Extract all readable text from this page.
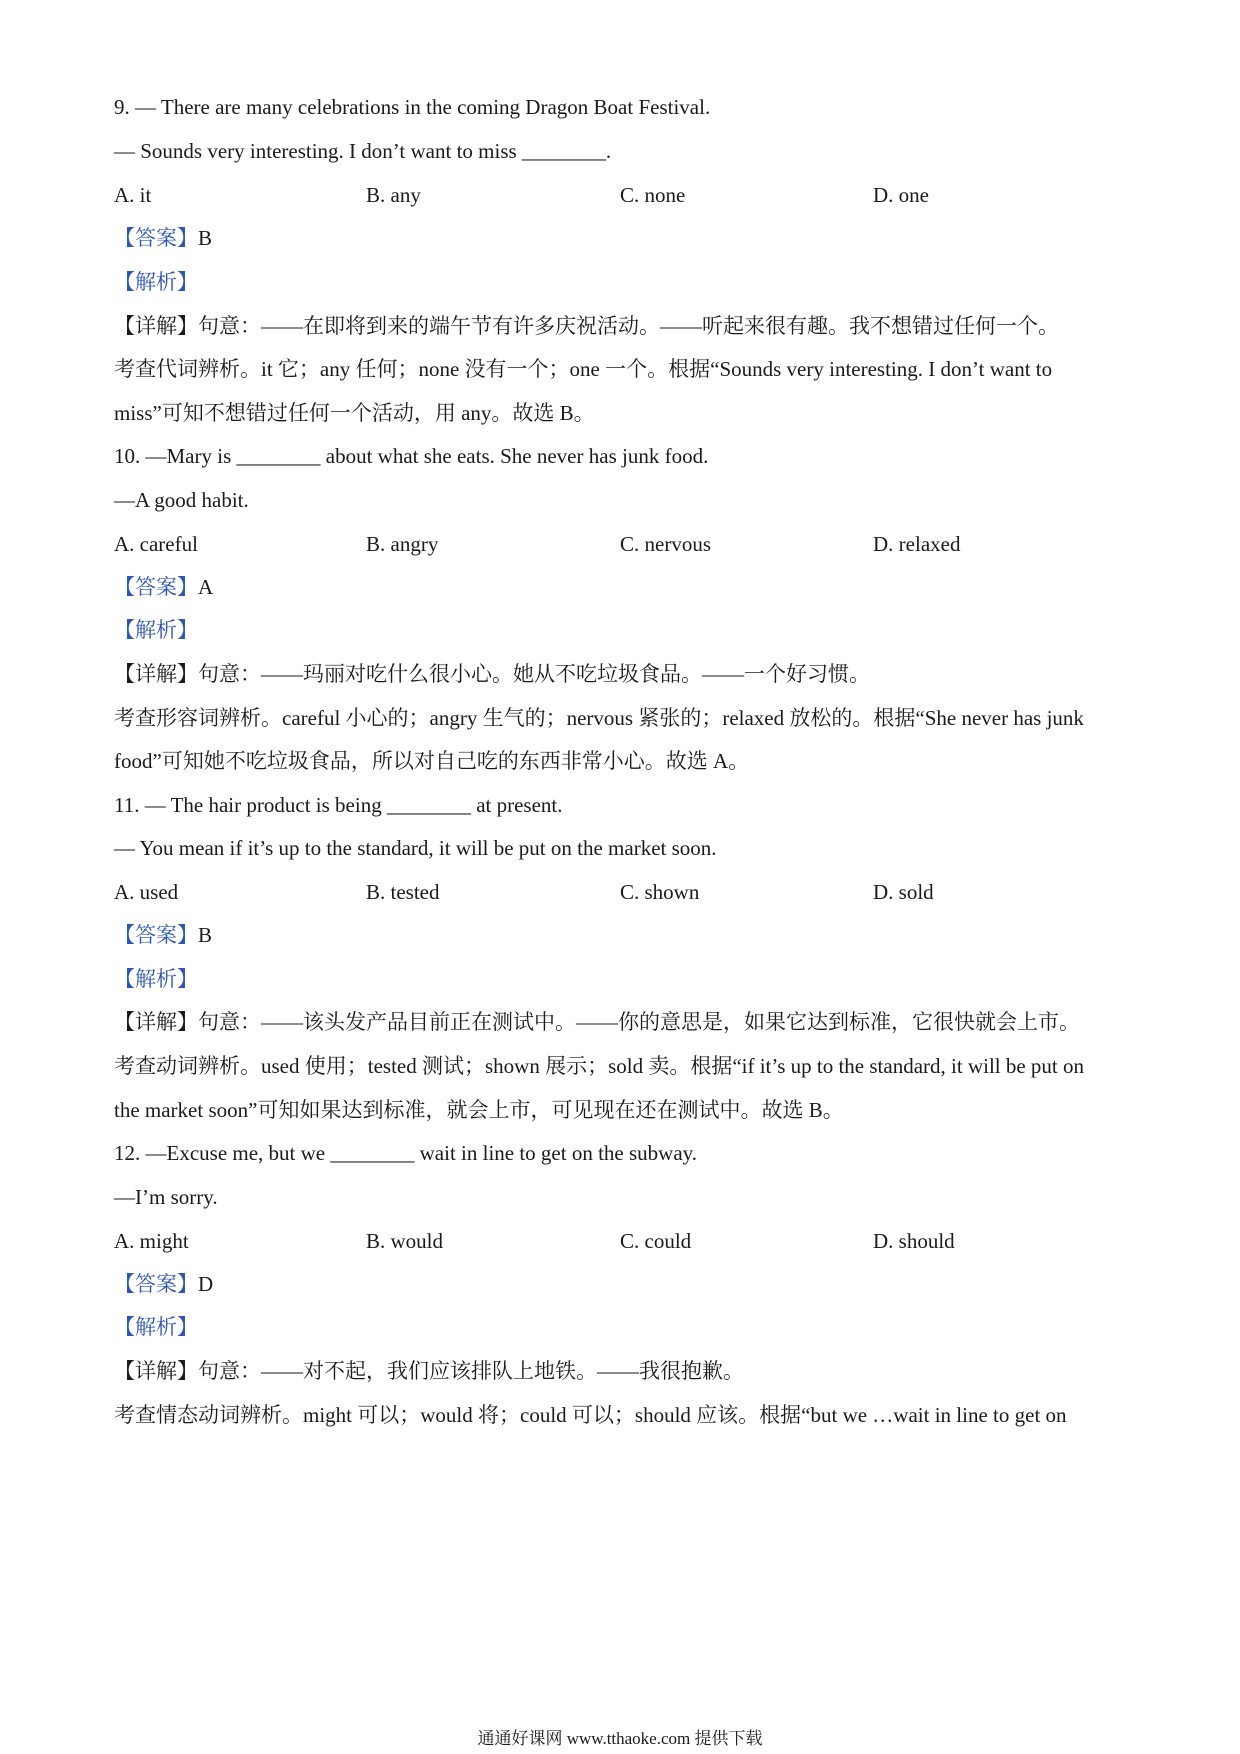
9. — There are many celebrations in the coming Dragon Boat Festival.
— Sounds very interesting. I don’t want to miss ________.
A. it	B. any	C. none	D. one
【答案】B
【解析】
【详解】句意：——在即将到来的端午节有许多庆祝活动。——听起来很有趣。我不想错过任何一个。
考查代词辨析。it 它；any 任何；none 没有一个；one 一个。根据“Sounds very interesting. I don’t want to
miss”可知不想错过任何一个活动，用 any。故选 B。
10. —Mary is ________ about what she eats. She never has junk food.
—A good habit.
A. careful	B. angry	C. nervous	D. relaxed
【答案】A
【解析】
【详解】句意：——玛丽对吃什么很小心。她从不吃垃圾食品。——一个好习惯。
考查形容词辨析。careful 小心的；angry 生气的；nervous 紧张的；relaxed 放松的。根据“She never has junk
food”可知她不吃垃圾食品，所以对自己吃的东西非常小心。故选 A。
11. — The hair product is being ________ at present.
— You mean if it’s up to the standard, it will be put on the market soon.
A. used	B. tested	C. shown	D. sold
【答案】B
【解析】
【详解】句意：——该头发产品目前正在测试中。——你的意思是，如果它达到标准，它很快就会上市。
考查动词辨析。used 使用；tested 测试；shown 展示；sold 卖。根据“if it’s up to the standard, it will be put on
the market soon”可知如果达到标准，就会上市，可见现在还在测试中。故选 B。
12. —Excuse me, but we ________ wait in line to get on the subway.
—I’m sorry.
A. might	B. would	C. could	D. should
【答案】D
【解析】
【详解】句意：——对不起，我们应该排队上地铁。——我很抱歉。
考查情态动词辨析。might 可以；would 将；could 可以；should 应该。根据“but we …wait in line to get on
通通好课网 www.tthaoke.com 提供下载
